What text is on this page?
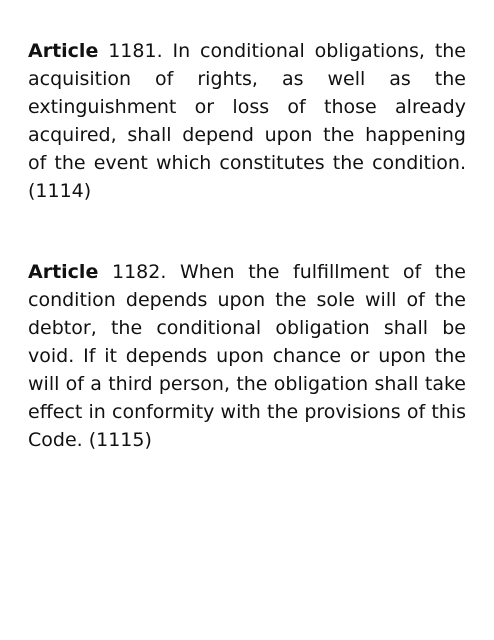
Article 1181. In conditional obligations, the acquisition of rights, as well as the extinguishment or loss of those already acquired, shall depend upon the happening of the event which constitutes the condition. (1114)

Article 1182. When the fulfillment of the condition depends upon the sole will of the debtor, the conditional obligation shall be void. If it depends upon chance or upon the will of a third person, the obligation shall take effect in conformity with the provisions of this Code. (1115)
